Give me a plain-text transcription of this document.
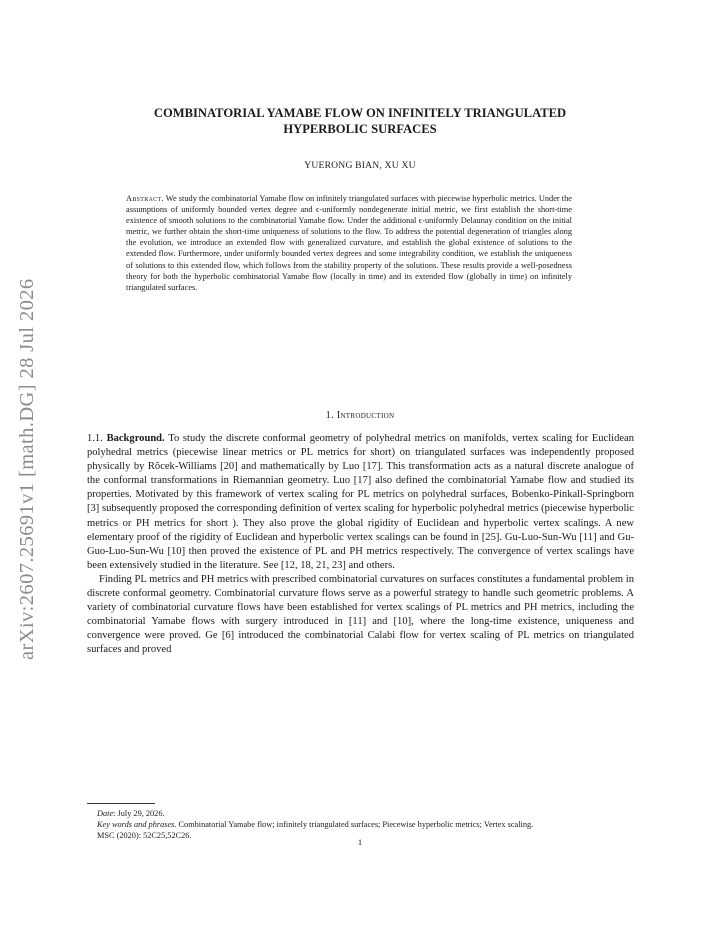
arXiv:2607.25691v1 [math.DG] 28 Jul 2026
COMBINATORIAL YAMABE FLOW ON INFINITELY TRIANGULATED
HYPERBOLIC SURFACES
YUERONG BIAN, XU XU
Abstract. We study the combinatorial Yamabe flow on infinitely triangulated surfaces with piecewise hyperbolic metrics. Under the assumptions of uniformly bounded vertex degree and ϵ-uniformly nondegenerate initial metric, we first establish the short-time existence of smooth solutions to the combinatorial Yamabe flow. Under the additional ϵ-uniformly Delaunay condition on the initial metric, we further obtain the short-time uniqueness of solutions to the flow. To address the potential degeneration of triangles along the evolution, we introduce an extended flow with generalized curvature, and establish the global existence of solutions to the extended flow. Furthermore, under uniformly bounded vertex degrees and some integrability condition, we establish the uniqueness of solutions to this extended flow, which follows from the stability property of the solutions. These results provide a well-posedness theory for both the hyperbolic combinatorial Yamabe flow (locally in time) and its extended flow (globally in time) on infinitely triangulated surfaces.
1. Introduction

1.1. Background. To study the discrete conformal geometry of polyhedral metrics on manifolds, vertex scaling for Euclidean polyhedral metrics (piecewise linear metrics or PL metrics for short) on triangulated surfaces was independently proposed physically by Rŏcek-Williams [20] and mathematically by Luo [17]. This transformation acts as a natural discrete analogue of the conformal transformations in Riemannian geometry. Luo [17] also defined the combinatorial Yamabe flow and studied its properties. Motivated by this framework of vertex scaling for PL metrics on polyhedral surfaces, Bobenko-Pinkall-Springborn [3] subsequently proposed the corresponding definition of vertex scaling for hyperbolic polyhedral metrics (piecewise hyperbolic metrics or PH metrics for short ). They also prove the global rigidity of Euclidean and hyperbolic vertex scalings. A new elementary proof of the rigidity of Euclidean and hyperbolic vertex scalings can be found in [25]. Gu-Luo-Sun-Wu [11] and Gu-Guo-Luo-Sun-Wu [10] then proved the existence of PL and PH metrics respectively. The convergence of vertex scalings have been extensively studied in the literature. See [12, 18, 21, 23] and others.

Finding PL metrics and PH metrics with prescribed combinatorial curvatures on surfaces constitutes a fundamental problem in discrete conformal geometry. Combinatorial curvature flows serve as a powerful strategy to handle such geometric problems. A variety of combinatorial curvature flows have been established for vertex scalings of PL metrics and PH metrics, including the combinatorial Yamabe flows with surgery introduced in [11] and [10], where the long-time existence, uniqueness and convergence were proved. Ge [6] introduced the combinatorial Calabi flow for vertex scaling of PL metrics on triangulated surfaces and proved

Date: July 29, 2026.
Key words and phrases. Combinatorial Yamabe flow; infinitely triangulated surfaces; Piecewise hyperbolic metrics; Vertex scaling.
MSC (2020): 52C25,52C26.
1
